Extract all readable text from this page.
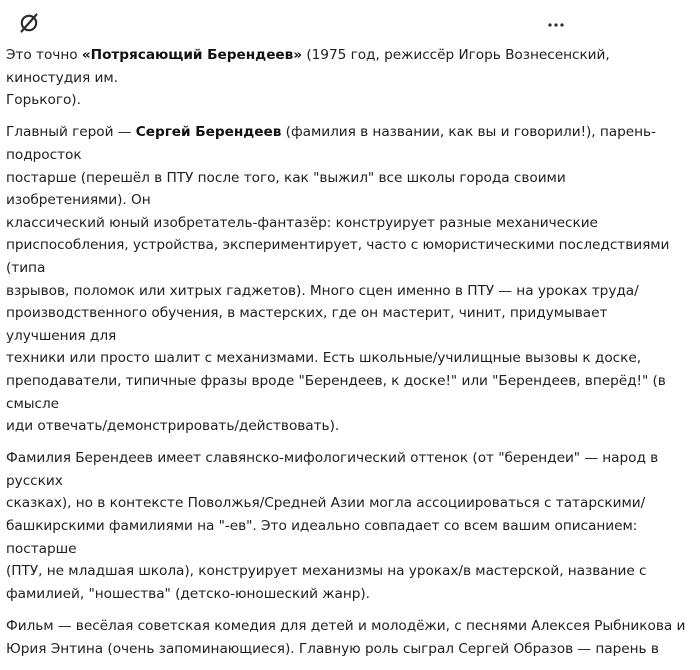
Это точно «Потрясающий Берендеев» (1975 год, режиссёр Игорь Вознесенский, киностудия им.
Горького).

Главный герой — Сергей Берендеев (фамилия в названии, как вы и говорили!), парень-подросток
постарше (перешёл в ПТУ после того, как "выжил" все школы города своими изобретениями). Он
классический юный изобретатель-фантазёр: конструирует разные механические
приспособления, устройства, экспериментирует, часто с юмористическими последствиями (типа
взрывов, поломок или хитрых гаджетов). Много сцен именно в ПТУ — на уроках труда/
производственного обучения, в мастерских, где он мастерит, чинит, придумывает улучшения для
техники или просто шалит с механизмами. Есть школьные/училищные вызовы к доске,
преподаватели, типичные фразы вроде "Берендеев, к доске!" или "Берендеев, вперёд!" (в смысле
иди отвечать/демонстрировать/действовать).

Фамилия Берендеев имеет славянско-мифологический оттенок (от "берендеи" — народ в русских
сказках), но в контексте Поволжья/Средней Азии могла ассоциироваться с татарскими/
башкирскими фамилиями на "-ев". Это идеально совпадает со всем вашим описанием: постарше
(ПТУ, не младшая школа), конструирует механизмы на уроках/в мастерской, название с
фамилией, "ношества" (детско-юношеский жанр).

Фильм — весёлая советская комедия для детей и молодёжи, с песнями Алексея Рыбникова и
Юрия Энтина (очень запоминающиеся). Главную роль сыграл Сергей Образов — парень в
